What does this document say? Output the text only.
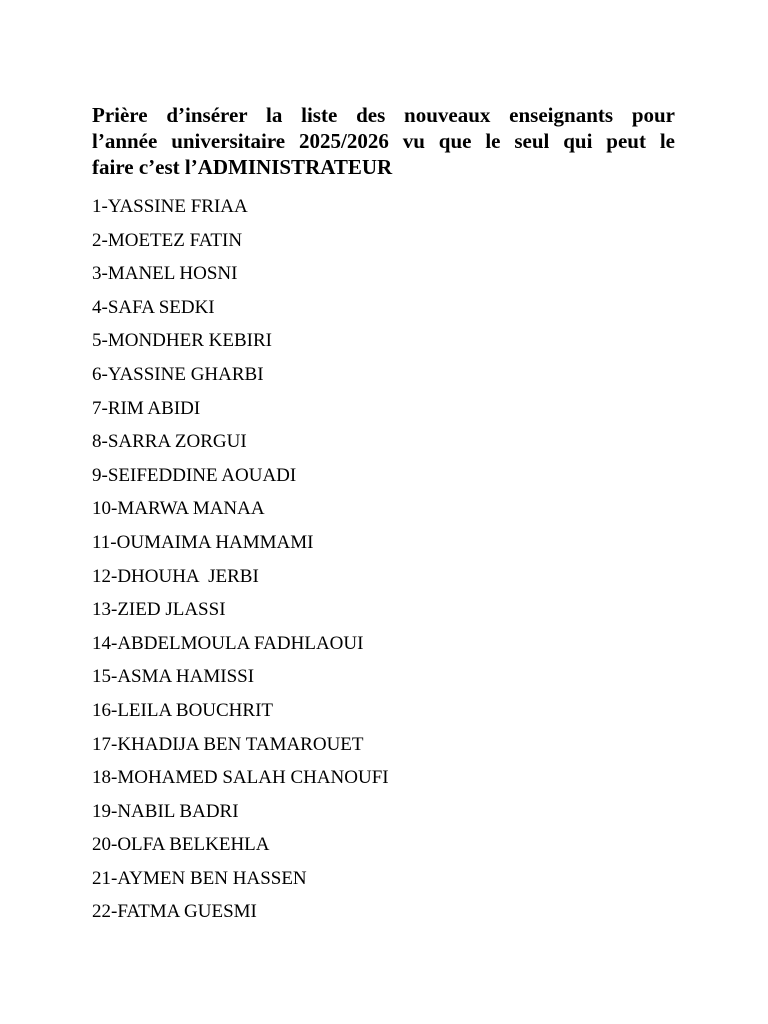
Prière d’insérer la liste des nouveaux enseignants pour
l’année universitaire 2025/2026 vu que le seul qui peut le
faire c’est l’ADMINISTRATEUR

1-YASSINE FRIAA
2-MOETEZ FATIN
3-MANEL HOSNI
4-SAFA SEDKI
5-MONDHER KEBIRI
6-YASSINE GHARBI
7-RIM ABIDI
8-SARRA ZORGUI
9-SEIFEDDINE AOUADI
10-MARWA MANAA
11-OUMAIMA HAMMAMI
12-DHOUHA  JERBI
13-ZIED JLASSI
14-ABDELMOULA FADHLAOUI
15-ASMA HAMISSI
16-LEILA BOUCHRIT
17-KHADIJA BEN TAMAROUET
18-MOHAMED SALAH CHANOUFI
19-NABIL BADRI
20-OLFA BELKEHLA
21-AYMEN BEN HASSEN
22-FATMA GUESMI
